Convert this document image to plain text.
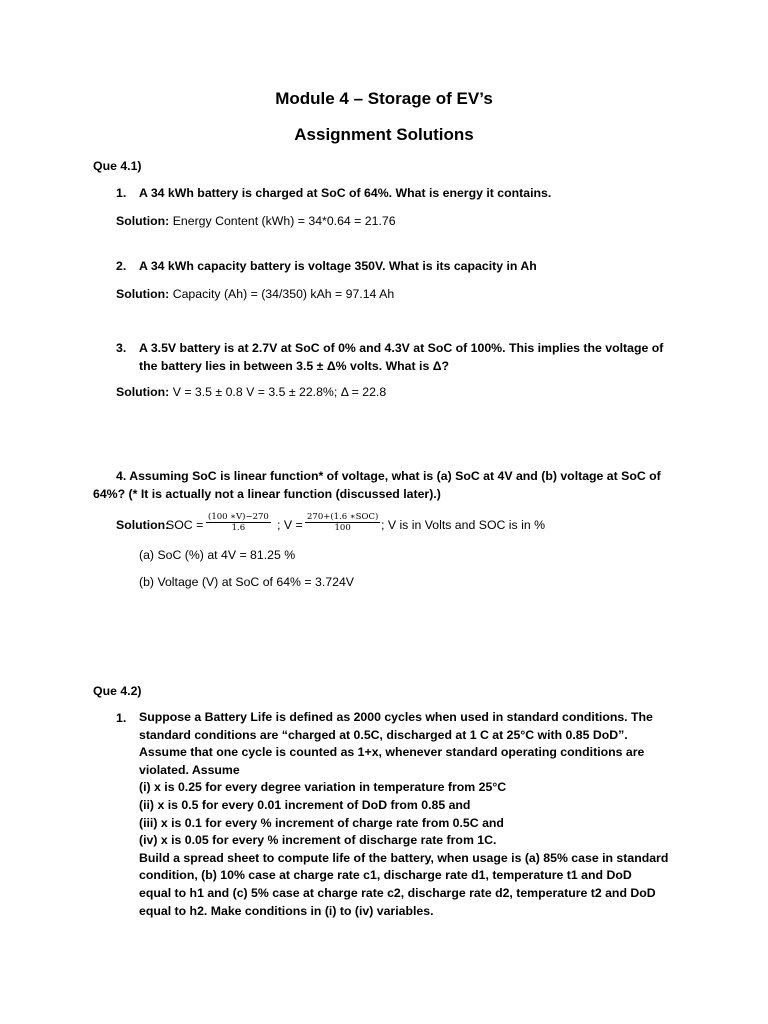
Module 4 – Storage of EV’s
Assignment Solutions
Que 4.1)
1. A 34 kWh battery is charged at SoC of 64%. What is energy it contains.
Solution: Energy Content (kWh) = 34*0.64 = 21.76
2. A 34 kWh capacity battery is voltage 350V. What is its capacity in Ah
Solution: Capacity (Ah) = (34/350) kAh = 97.14 Ah
3. A 3.5V battery is at 2.7V at SoC of 0% and 4.3V at SoC of 100%. This implies the voltage of
the battery lies in between 3.5 ± Δ% volts. What is Δ?
Solution: V = 3.5 ± 0.8 V = 3.5 ± 22.8%; Δ = 22.8
4. Assuming SoC is linear function* of voltage, what is (a) SoC at 4V and (b) voltage at SoC of
64%? (* It is actually not a linear function (discussed later).)
Solution:
SOC = $\frac{(100 ∗V)-270}{1.6}$ ; V =
270+(1.6 ∗SOC)
100	; V is in Volts and SOC is in %
(a) SoC (%) at 4V = 81.25 %
(b) Voltage (V) at SoC of 64% = 3.724V
Que 4.2)
1. Suppose a Battery Life is defined as 2000 cycles when used in standard conditions. The
standard conditions are “charged at 0.5C, discharged at 1 C at 25°C with 0.85 DoD”.
Assume that one cycle is counted as 1+x, whenever standard operating conditions are
violated. Assume
(i) x is 0.25 for every degree variation in temperature from 25°C
(ii) x is 0.5 for every 0.01 increment of DoD from 0.85 and
(iii) x is 0.1 for every % increment of charge rate from 0.5C and
(iv) x is 0.05 for every % increment of discharge rate from 1C.
Build a spread sheet to compute life of the battery, when usage is (a) 85% case in standard
condition, (b) 10% case at charge rate c1, discharge rate d1, temperature t1 and DoD
equal to h1 and (c) 5% case at charge rate c2, discharge rate d2, temperature t2 and DoD
equal to h2. Make conditions in (i) to (iv) variables.
